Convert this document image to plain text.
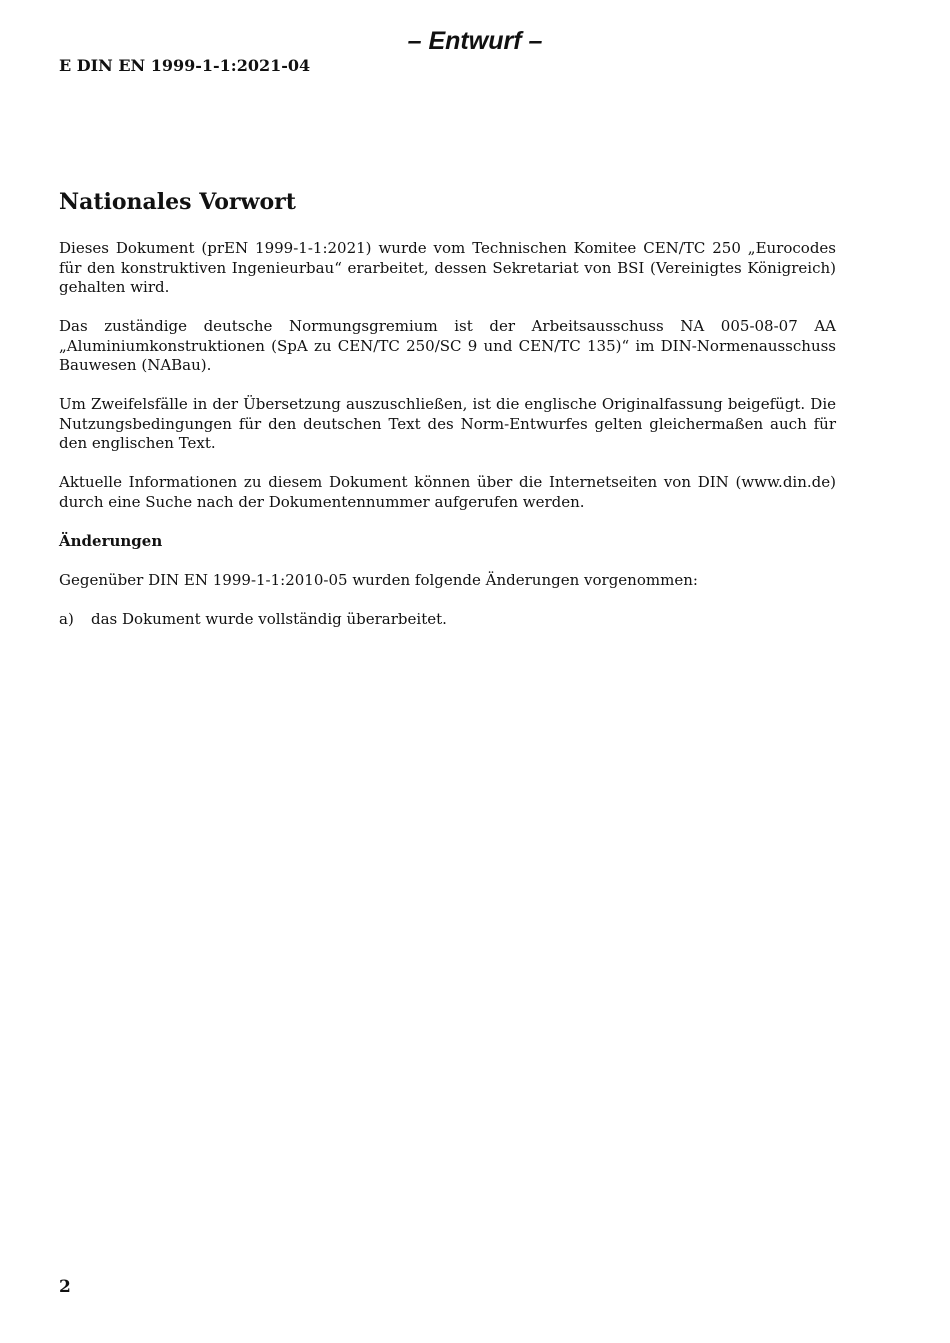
– Entwurf –
E DIN EN 1999-1-1:2021-04
Nationales Vorwort

Dieses Dokument (prEN 1999-1-1:2021) wurde vom Technischen Komitee CEN/TC 250 „Eurocodes für den konstruktiven Ingenieurbau“ erarbeitet, dessen Sekretariat von BSI (Vereinigtes Königreich) gehalten wird.

Das zuständige deutsche Normungsgremium ist der Arbeitsausschuss NA 005-08-07 AA „Aluminiumkonstruktionen (SpA zu CEN/TC 250/SC 9 und CEN/TC 135)“ im DIN-Normenausschuss Bauwesen (NABau).

Um Zweifelsfälle in der Übersetzung auszuschließen, ist die englische Originalfassung beigefügt. Die Nutzungsbedingungen für den deutschen Text des Norm-Entwurfes gelten gleichermaßen auch für den englischen Text.

Aktuelle Informationen zu diesem Dokument können über die Internetseiten von DIN (www.din.de) durch eine Suche nach der Dokumentennummer aufgerufen werden.

Änderungen

Gegenüber DIN EN 1999-1-1:2010-05 wurden folgende Änderungen vorgenommen:

a)	das Dokument wurde vollständig überarbeitet.
2
